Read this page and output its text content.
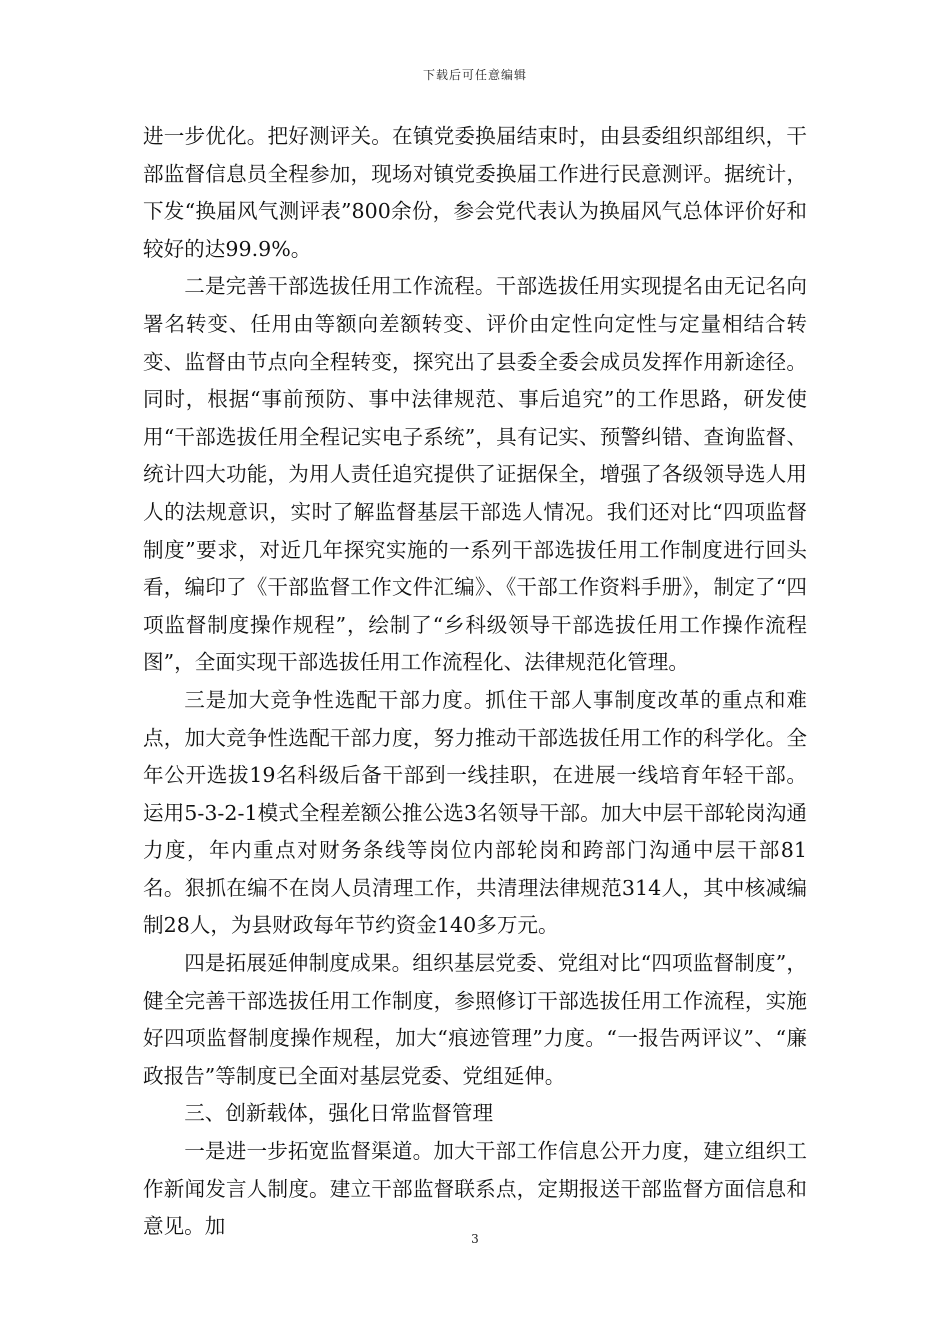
下载后可任意编辑

进一步优化。把好测评关。在镇党委换届结束时，由县委组织部组织，干部监督信息员全程参加，现场对镇党委换届工作进行民意测评。据统计，下发“换届风气测评表”800余份，参会党代表认为换届风气总体评价好和较好的达99.9%。

二是完善干部选拔任用工作流程。干部选拔任用实现提名由无记名向署名转变、任用由等额向差额转变、评价由定性向定性与定量相结合转变、监督由节点向全程转变，探究出了县委全委会成员发挥作用新途径。同时，根据“事前预防、事中法律规范、事后追究”的工作思路，研发使用“干部选拔任用全程记实电子系统”，具有记实、预警纠错、查询监督、统计四大功能，为用人责任追究提供了证据保全，增强了各级领导选人用人的法规意识，实时了解监督基层干部选人情况。我们还对比“四项监督制度”要求，对近几年探究实施的一系列干部选拔任用工作制度进行回头看，编印了《干部监督工作文件汇编》、《干部工作资料手册》，制定了“四项监督制度操作规程”，绘制了“乡科级领导干部选拔任用工作操作流程图”，全面实现干部选拔任用工作流程化、法律规范化管理。

三是加大竞争性选配干部力度。抓住干部人事制度改革的重点和难点，加大竞争性选配干部力度，努力推动干部选拔任用工作的科学化。全年公开选拔19名科级后备干部到一线挂职，在进展一线培育年轻干部。运用5-3-2-1模式全程差额公推公选3名领导干部。加大中层干部轮岗沟通力度，年内重点对财务条线等岗位内部轮岗和跨部门沟通中层干部81名。狠抓在编不在岗人员清理工作，共清理法律规范314人，其中核减编制28人，为县财政每年节约资金140多万元。

四是拓展延伸制度成果。组织基层党委、党组对比“四项监督制度”，健全完善干部选拔任用工作制度，参照修订干部选拔任用工作流程，实施好四项监督制度操作规程，加大“痕迹管理”力度。“一报告两评议”、“廉政报告”等制度已全面对基层党委、党组延伸。

三、创新载体，强化日常监督管理

一是进一步拓宽监督渠道。加大干部工作信息公开力度，建立组织工作新闻发言人制度。建立干部监督联系点，定期报送干部监督方面信息和意见。加

3
